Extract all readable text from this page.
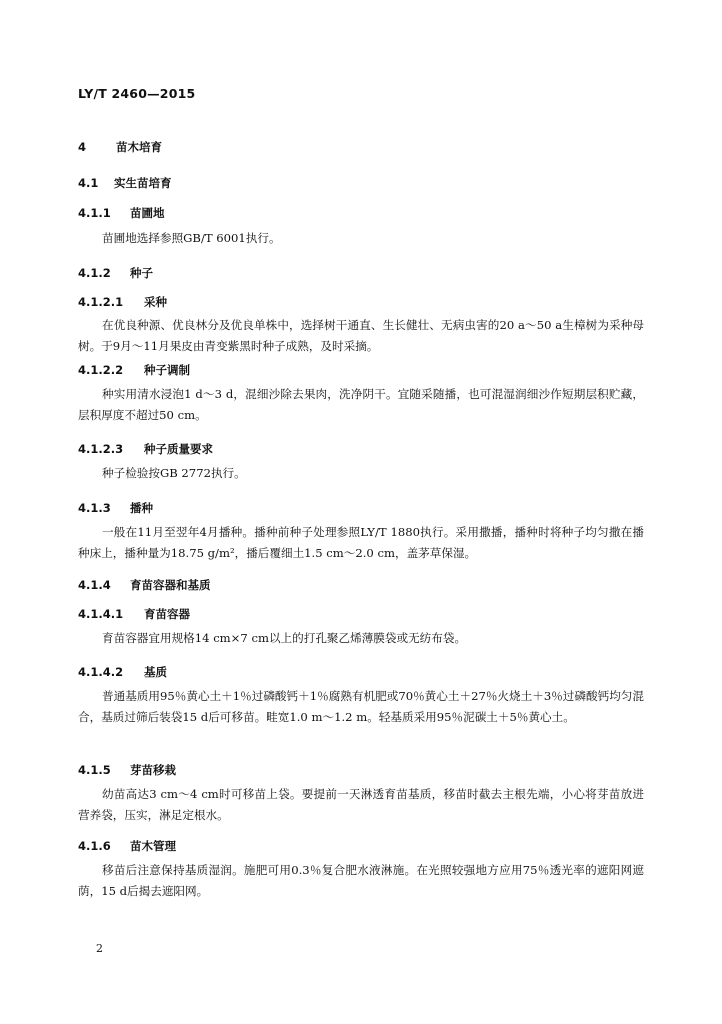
LY/T 2460—2015
4	苗木培育
4.1 实生苗培育
4.1.1 苗圃地
苗圃地选择参照GB/T 6001执行。
4.1.2 种子
4.1.2.1 采种
在优良种源、优良林分及优良单株中，选择树干通直、生长健壮、无病虫害的20 a～50 a生樟树为采种母树。于9月～11月果皮由青变紫黑时种子成熟，及时采摘。
4.1.2.2 种子调制
种实用清水浸泡1 d～3 d，混细沙除去果肉，洗净阴干。宜随采随播，也可混湿润细沙作短期层积贮藏，层积厚度不超过50 cm。
4.1.2.3 种子质量要求
种子检验按GB 2772执行。
4.1.3 播种
一般在11月至翌年4月播种。播种前种子处理参照LY/T 1880执行。采用撒播，播种时将种子均匀撒在播种床上，播种量为18.75 g/m²，播后覆细土1.5 cm～2.0 cm，盖茅草保湿。
4.1.4 育苗容器和基质
4.1.4.1 育苗容器
育苗容器宜用规格14 cm×7 cm以上的打孔聚乙烯薄膜袋或无纺布袋。
4.1.4.2 基质
普通基质用95％黄心土＋1％过磷酸钙＋1％腐熟有机肥或70％黄心土＋27％火烧土＋3％过磷酸钙均匀混合，基质过筛后装袋15 d后可移苗。畦宽1.0 m～1.2 m。轻基质采用95％泥碳土＋5％黄心土。
4.1.5 芽苗移栽
幼苗高达3 cm～4 cm时可移苗上袋。要提前一天淋透育苗基质，移苗时截去主根先端，小心将芽苗放进营养袋，压实，淋足定根水。
4.1.6 苗木管理
移苗后注意保持基质湿润。施肥可用0.3％复合肥水液淋施。在光照较强地方应用75％透光率的遮阳网遮荫，15 d后揭去遮阳网。
2
